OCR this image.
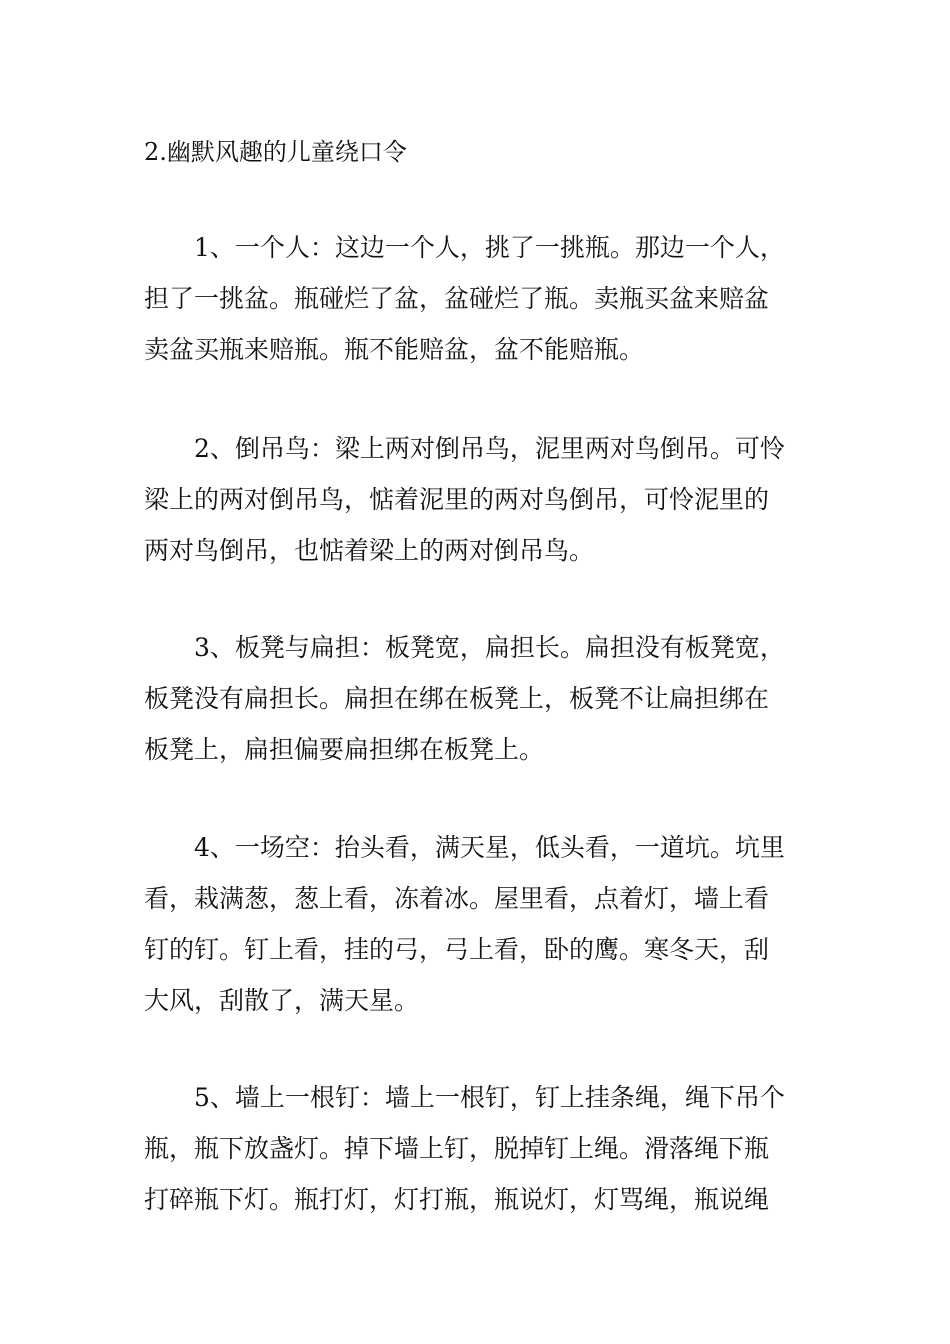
2.幽默风趣的儿童绕口令
1、一个人：这边一个人，挑了一挑瓶。那边一个人，
担了一挑盆。瓶碰烂了盆，盆碰烂了瓶。卖瓶买盆来赔盆
卖盆买瓶来赔瓶。瓶不能赔盆，盆不能赔瓶。
2、倒吊鸟：梁上两对倒吊鸟，泥里两对鸟倒吊。可怜
梁上的两对倒吊鸟，惦着泥里的两对鸟倒吊，可怜泥里的
两对鸟倒吊，也惦着梁上的两对倒吊鸟。
3、板凳与扁担：板凳宽，扁担长。扁担没有板凳宽，
板凳没有扁担长。扁担在绑在板凳上，板凳不让扁担绑在
板凳上，扁担偏要扁担绑在板凳上。
4、一场空：抬头看，满天星，低头看，一道坑。坑里
看，栽满葱，葱上看，冻着冰。屋里看，点着灯，墙上看
钉的钉。钉上看，挂的弓，弓上看，卧的鹰。寒冬天，刮
大风，刮散了，满天星。
5、墙上一根钉：墙上一根钉，钉上挂条绳，绳下吊个
瓶，瓶下放盏灯。掉下墙上钉，脱掉钉上绳。滑落绳下瓶
打碎瓶下灯。瓶打灯，灯打瓶，瓶说灯，灯骂绳，瓶说绳
